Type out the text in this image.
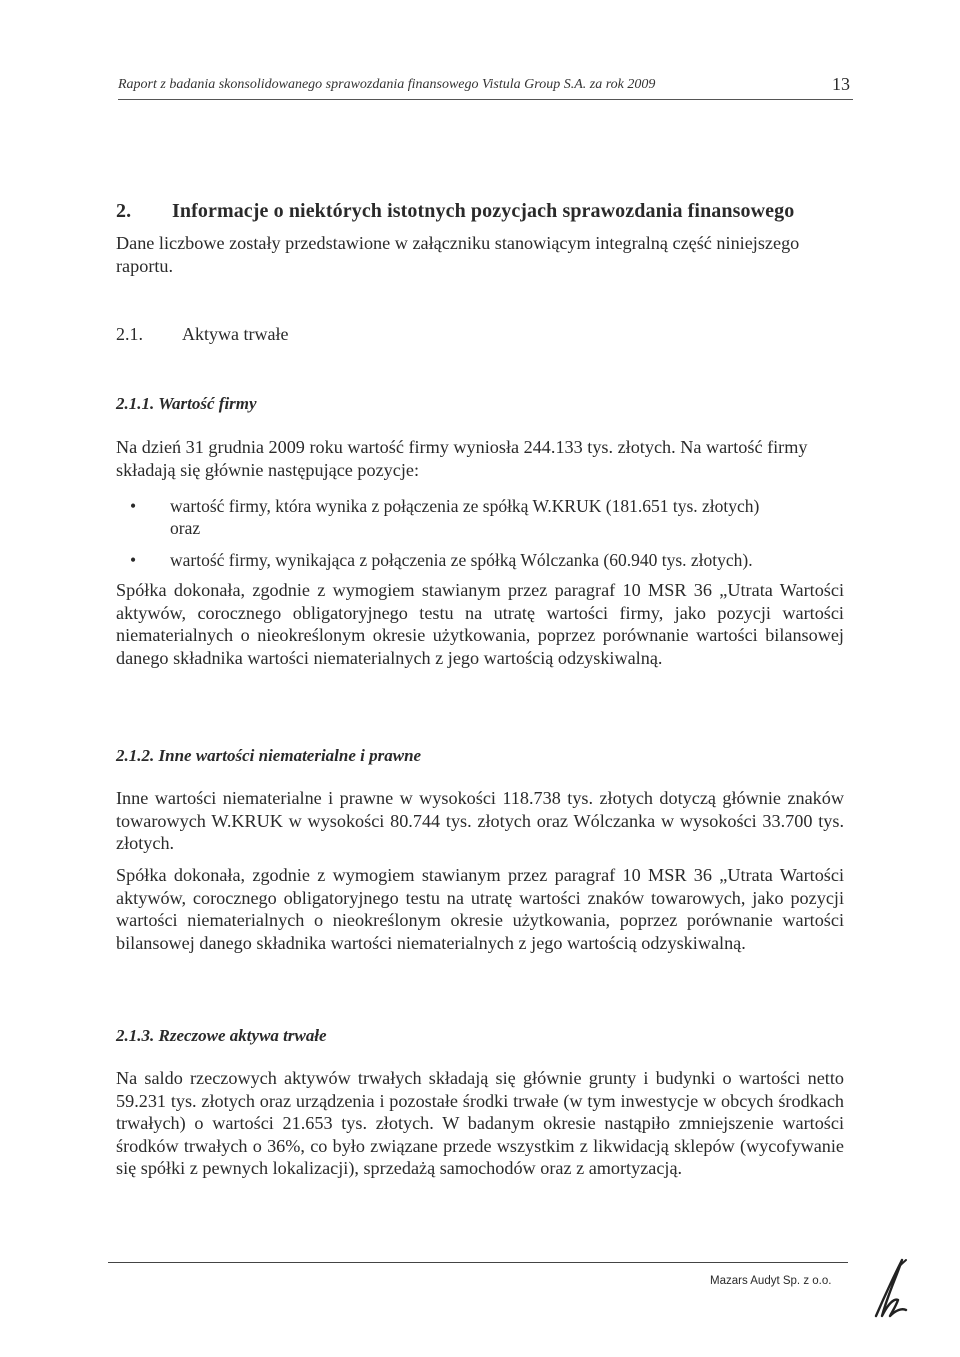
13
Raport z badania skonsolidowanego sprawozdania finansowego Vistula Group S.A. za rok 2009
2. Informacje o niektórych istotnych pozycjach sprawozdania finansowego
Dane liczbowe zostały przedstawione w załączniku stanowiącym integralną część niniejszego raportu.
2.1. Aktywa trwałe
2.1.1. Wartość firmy
Na dzień 31 grudnia 2009 roku wartość firmy wyniosła 244.133 tys. złotych. Na wartość firmy składają się głównie następujące pozycje:
• wartość firmy, która wynika z połączenia ze spółką W.KRUK (181.651 tys. złotych)
oraz
• wartość firmy, wynikająca z połączenia ze spółką Wólczanka (60.940 tys. złotych).
Spółka dokonała, zgodnie z wymogiem stawianym przez paragraf 10 MSR 36 „Utrata Wartości aktywów, corocznego obligatoryjnego testu na utratę wartości firmy, jako pozycji wartości niematerialnych o nieokreślonym okresie użytkowania, poprzez porównanie wartości bilansowej danego składnika wartości niematerialnych z jego wartością odzyskiwalną.
2.1.2. Inne wartości niematerialne i prawne
Inne wartości niematerialne i prawne w wysokości 118.738 tys. złotych dotyczą głównie znaków towarowych W.KRUK w wysokości 80.744 tys. złotych oraz Wólczanka w wysokości 33.700 tys. złotych.
Spółka dokonała, zgodnie z wymogiem stawianym przez paragraf 10 MSR 36 „Utrata Wartości aktywów, corocznego obligatoryjnego testu na utratę wartości znaków towarowych, jako pozycji wartości niematerialnych o nieokreślonym okresie użytkowania, poprzez porównanie wartości bilansowej danego składnika wartości niematerialnych z jego wartością odzyskiwalną.
2.1.3. Rzeczowe aktywa trwałe
Na saldo rzeczowych aktywów trwałych składają się głównie grunty i budynki o wartości netto 59.231 tys. złotych oraz urządzenia i pozostałe środki trwałe (w tym inwestycje w obcych środkach trwałych) o wartości 21.653 tys. złotych. W badanym okresie nastąpiło zmniejszenie wartości środków trwałych o 36%, co było związane przede wszystkim z likwidacją sklepów (wycofywanie się spółki z pewnych lokalizacji), sprzedażą samochodów oraz z amortyzacją.
Mazars Audyt Sp. z o.o.
